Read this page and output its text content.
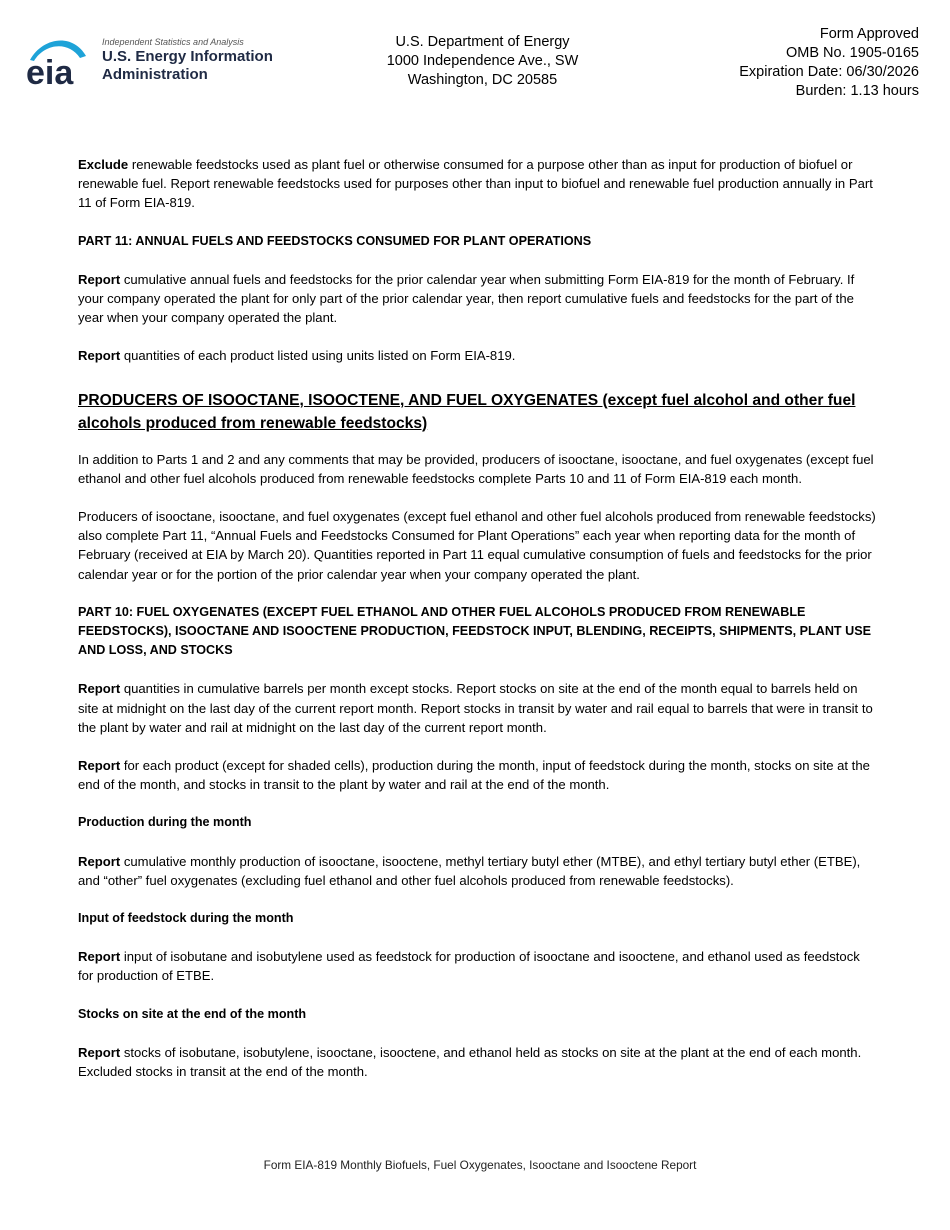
eia
Independent Statistics and Analysis
U.S. Energy Information
Administration
U.S. Department of Energy
1000 Independence Ave., SW
Washington, DC 20585
Form Approved
OMB No. 1905-0165
Expiration Date: 06/30/2026
Burden: 1.13 hours

Exclude renewable feedstocks used as plant fuel or otherwise consumed for a purpose other than as input for production of biofuel or renewable fuel. Report renewable feedstocks used for purposes other than input to biofuel and renewable fuel production annually in Part 11 of Form EIA-819.

PART 11: ANNUAL FUELS AND FEEDSTOCKS CONSUMED FOR PLANT OPERATIONS

Report cumulative annual fuels and feedstocks for the prior calendar year when submitting Form EIA-819 for the month of February. If your company operated the plant for only part of the prior calendar year, then report cumulative fuels and feedstocks for the part of the year when your company operated the plant.

Report quantities of each product listed using units listed on Form EIA-819.

PRODUCERS OF ISOOCTANE, ISOOCTENE, AND FUEL OXYGENATES (except fuel alcohol and other fuel alcohols produced from renewable feedstocks)

In addition to Parts 1 and 2 and any comments that may be provided, producers of isooctane, isooctane, and fuel oxygenates (except fuel ethanol and other fuel alcohols produced from renewable feedstocks complete Parts 10 and 11 of Form EIA-819 each month.

Producers of isooctane, isooctane, and fuel oxygenates (except fuel ethanol and other fuel alcohols produced from renewable feedstocks) also complete Part 11, “Annual Fuels and Feedstocks Consumed for Plant Operations” each year when reporting data for the month of February (received at EIA by March 20). Quantities reported in Part 11 equal cumulative consumption of fuels and feedstocks for the prior calendar year or for the portion of the prior calendar year when your company operated the plant.

PART 10: FUEL OXYGENATES (EXCEPT FUEL ETHANOL AND OTHER FUEL ALCOHOLS PRODUCED FROM RENEWABLE FEEDSTOCKS), ISOOCTANE AND ISOOCTENE PRODUCTION, FEEDSTOCK INPUT, BLENDING, RECEIPTS, SHIPMENTS, PLANT USE AND LOSS, AND STOCKS

Report quantities in cumulative barrels per month except stocks. Report stocks on site at the end of the month equal to barrels held on site at midnight on the last day of the current report month. Report stocks in transit by water and rail equal to barrels that were in transit to the plant by water and rail at midnight on the last day of the current report month.

Report for each product (except for shaded cells), production during the month, input of feedstock during the month, stocks on site at the end of the month, and stocks in transit to the plant by water and rail at the end of the month.

Production during the month

Report cumulative monthly production of isooctane, isooctene, methyl tertiary butyl ether (MTBE), and ethyl tertiary butyl ether (ETBE), and “other” fuel oxygenates (excluding fuel ethanol and other fuel alcohols produced from renewable feedstocks).

Input of feedstock during the month

Report input of isobutane and isobutylene used as feedstock for production of isooctane and isooctene, and ethanol used as feedstock for production of ETBE.

Stocks on site at the end of the month

Report stocks of isobutane, isobutylene, isooctane, isooctene, and ethanol held as stocks on site at the plant at the end of each month. Excluded stocks in transit at the end of the month.

Form EIA-819 Monthly Biofuels, Fuel Oxygenates, Isooctane and Isooctene Report
